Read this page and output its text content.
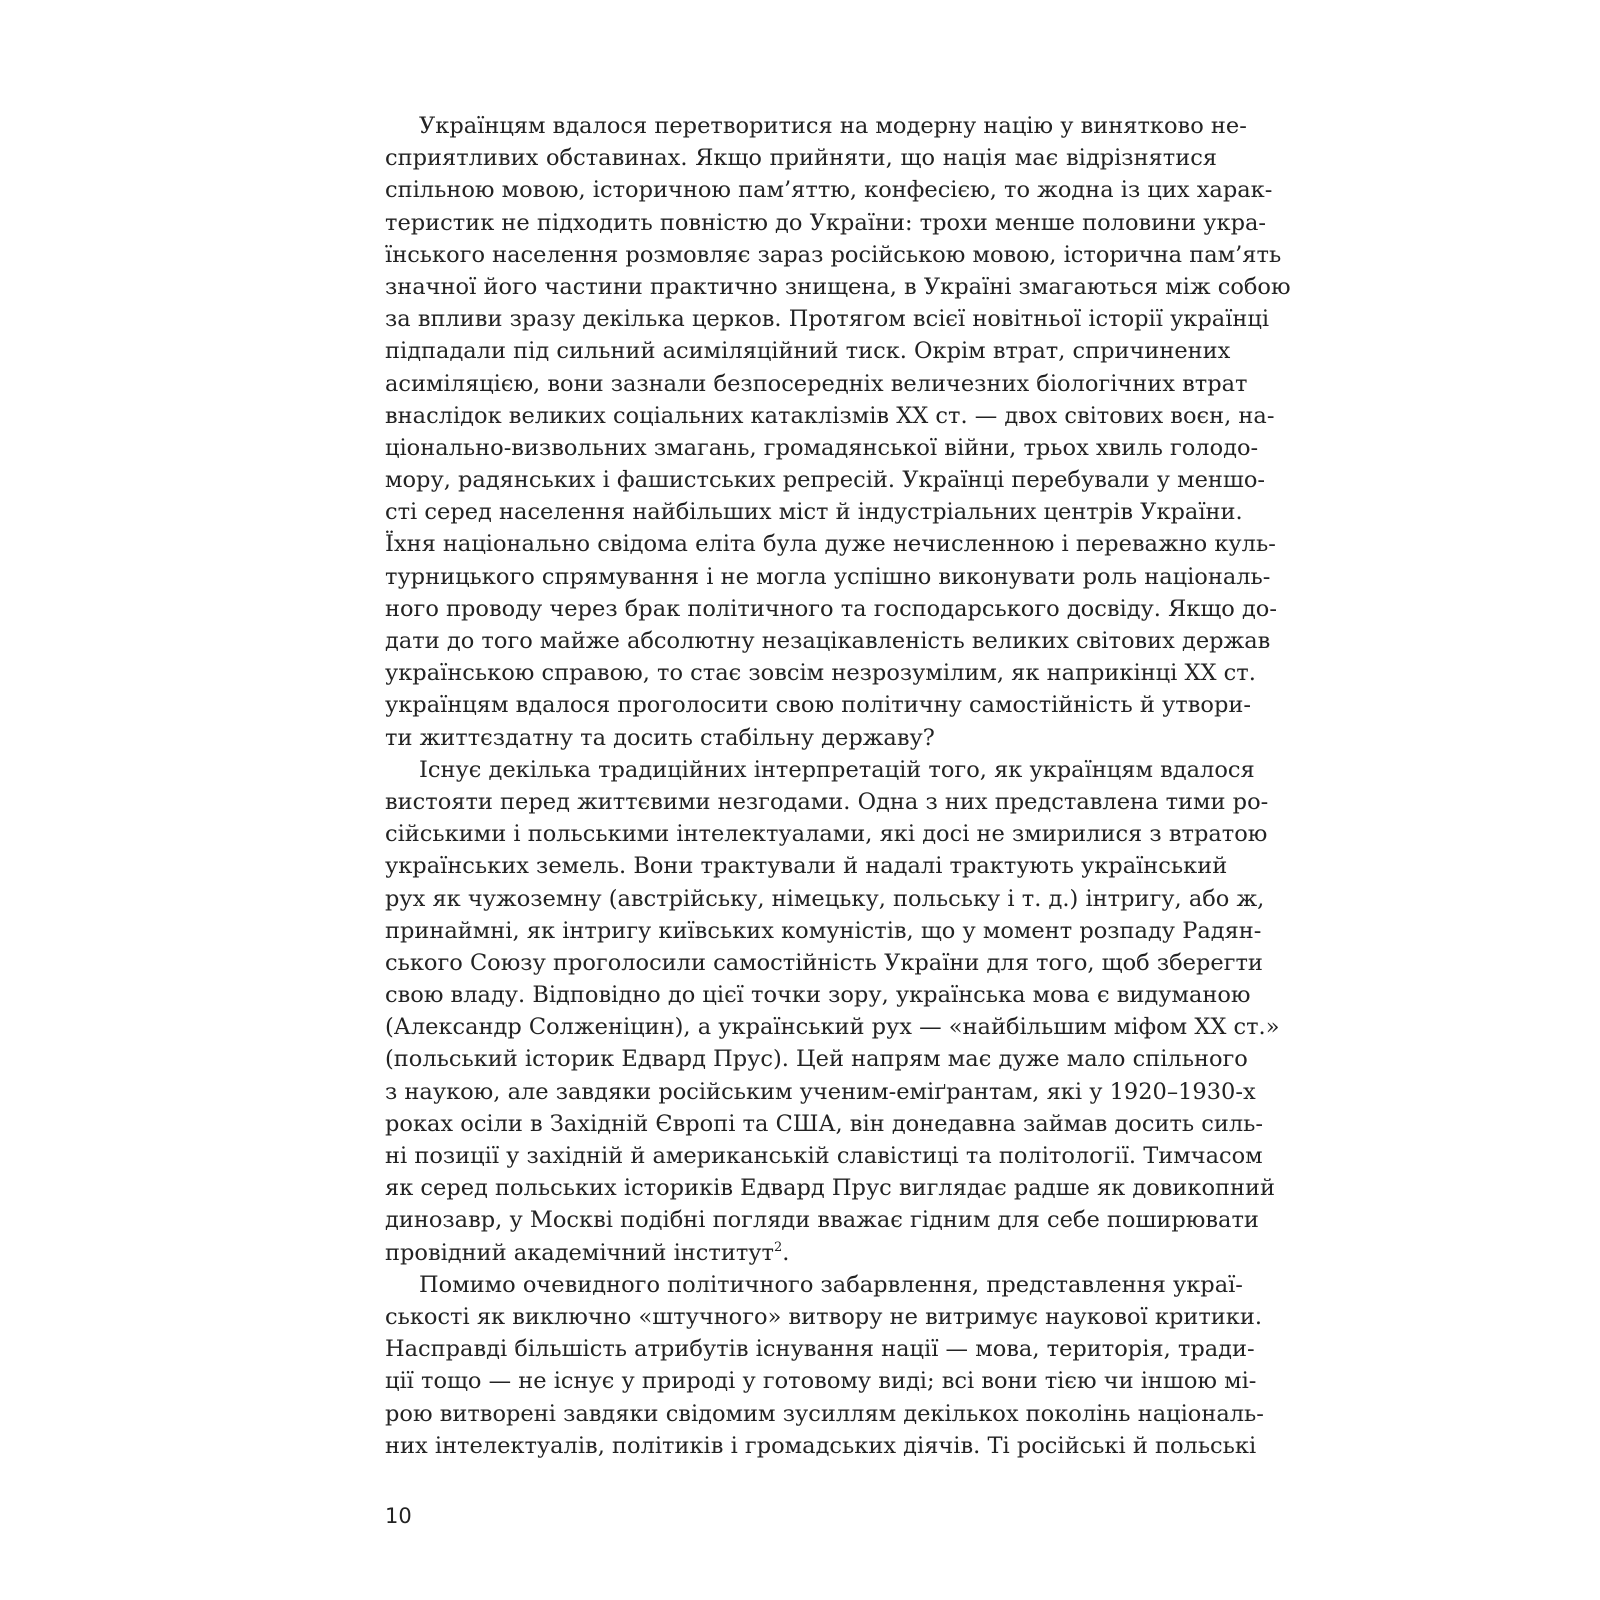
Українцям вдалося перетворитися на модерну націю у винятково не-
сприятливих обставинах. Якщо прийняти, що нація має відрізнятися
спільною мовою, історичною пам’яттю, конфесією, то жодна із цих харак-
теристик не підходить повністю до України: трохи менше половини укра-
їнського населення розмовляє зараз російською мовою, історична пам’ять
значної його частини практично знищена, в Україні змагаються між собою
за впливи зразу декілька церков. Протягом всієї новітньої історії українці
підпадали під сильний асиміляційний тиск. Окрім втрат, спричинених
асиміляцією, вони зазнали безпосередніх величезних біологічних втрат
внаслідок великих соціальних катаклізмів ХХ ст. — двох світових воєн, на-
ціонально-визвольних змагань, громадянської війни, трьох хвиль голодо-
мору, радянських і фашистських репресій. Українці перебували у меншо-
сті серед населення найбільших міст й індустріальних центрів України.
Їхня національно свідома еліта була дуже нечисленною і переважно куль-
турницького спрямування і не могла успішно виконувати роль національ-
ного проводу через брак політичного та господарського досвіду. Якщо до-
дати до того майже абсолютну незацікавленість великих світових держав
українською справою, то стає зовсім незрозумілим, як наприкінці ХХ ст.
українцям вдалося проголосити свою політичну самостійність й утвори-
ти життєздатну та досить стабільну державу?
Існує декілька традиційних інтерпретацій того, як українцям вдалося
вистояти перед життєвими незгодами. Одна з них представлена тими ро-
сійськими і польськими інтелектуалами, які досі не змирилися з втратою
українських земель. Вони трактували й надалі трактують український
рух як чужоземну (австрійську, німецьку, польську і т. д.) інтригу, або ж,
принаймні, як інтригу київських комуністів, що у момент розпаду Радян-
ського Союзу проголосили самостійність України для того, щоб зберегти
свою владу. Відповідно до цієї точки зору, українська мова є видуманою
(Александр Солженіцин), а український рух — «найбільшим міфом ХХ ст.»
(польський історик Едвард Прус). Цей напрям має дуже мало спільного
з наукою, але завдяки російським ученим-еміґрантам, які у 1920–1930-х
роках осіли в Західній Європі та США, він донедавна займав досить силь-
ні позиції у західній й американській славістиці та політології. Тимчасом
як серед польських істориків Едвард Прус виглядає радше як довикопний
динозавр, у Москві подібні погляди вважає гідним для себе поширювати
провідний академічний інститут$^2$.
Помимо очевидного політичного забарвлення, представлення украї-
ськості як виключно «штучного» витвору не витримує наукової критики.
Насправді більшість атрибутів існування нації — мова, територія, тради-
ції тощо — не існує у природі у готовому виді; всі вони тією чи іншою мі-
рою витворені завдяки свідомим зусиллям декількох поколінь національ-
них інтелектуалів, політиків і громадських діячів. Ті російські й польські
10
